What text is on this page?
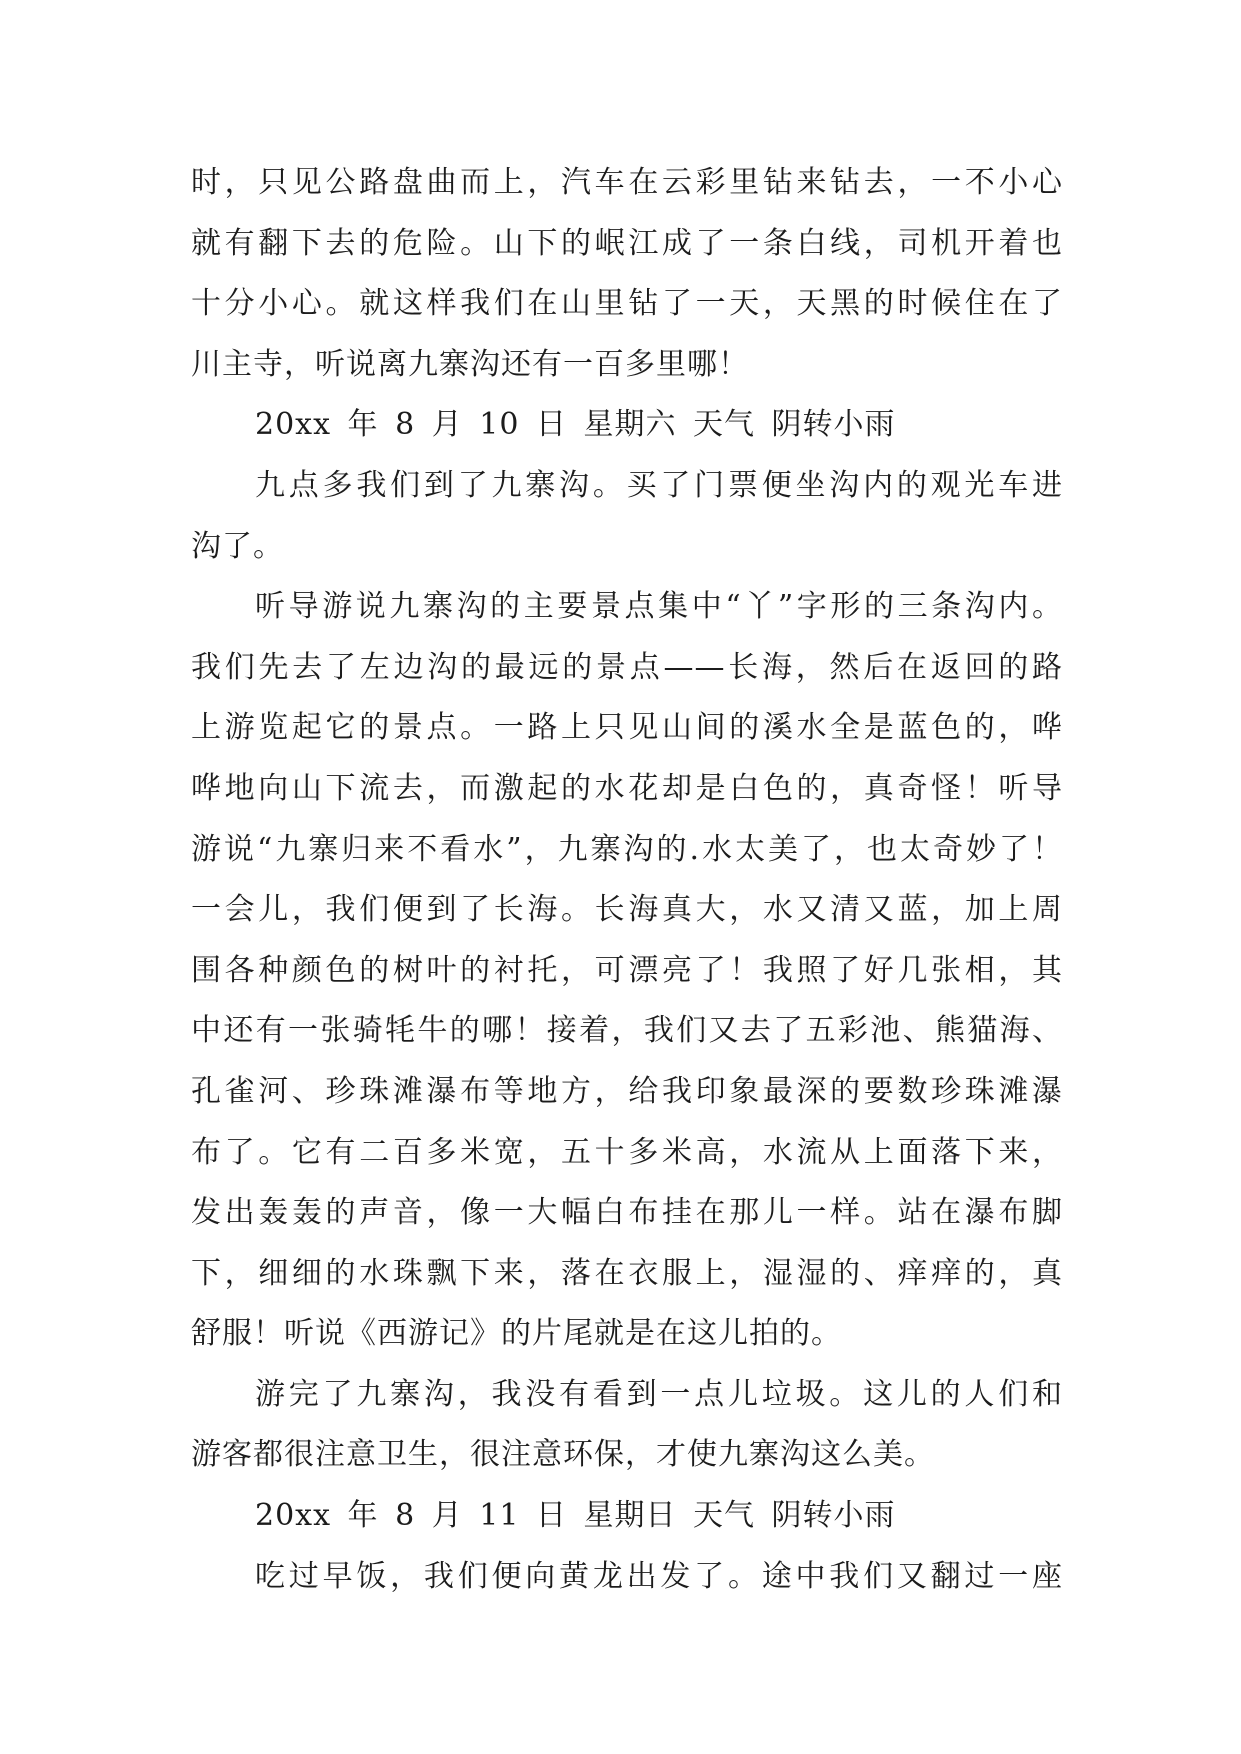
时，只见公路盘曲而上，汽车在云彩里钻来钻去，一不小心
就有翻下去的危险。山下的岷江成了一条白线，司机开着也
十分小心。就这样我们在山里钻了一天，天黑的时候住在了
川主寺，听说离九寨沟还有一百多里哪！
20xx 年 8 月 10 日 星期六 天气 阴转小雨
九点多我们到了九寨沟。买了门票便坐沟内的观光车进
沟了。
听导游说九寨沟的主要景点集中“丫”字形的三条沟内。
我们先去了左边沟的最远的景点——长海，然后在返回的路
上游览起它的景点。一路上只见山间的溪水全是蓝色的，哗
哗地向山下流去，而激起的水花却是白色的，真奇怪！听导
游说“九寨归来不看水”，九寨沟的.水太美了，也太奇妙了！
一会儿，我们便到了长海。长海真大，水又清又蓝，加上周
围各种颜色的树叶的衬托，可漂亮了！我照了好几张相，其
中还有一张骑牦牛的哪！接着，我们又去了五彩池、熊猫海、
孔雀河、珍珠滩瀑布等地方，给我印象最深的要数珍珠滩瀑
布了。它有二百多米宽，五十多米高，水流从上面落下来，
发出轰轰的声音，像一大幅白布挂在那儿一样。站在瀑布脚
下，细细的水珠飘下来，落在衣服上，湿湿的、痒痒的，真
舒服！听说《西游记》的片尾就是在这儿拍的。
游完了九寨沟，我没有看到一点儿垃圾。这儿的人们和
游客都很注意卫生，很注意环保，才使九寨沟这么美。
20xx 年 8 月 11 日 星期日 天气 阴转小雨
吃过早饭，我们便向黄龙出发了。途中我们又翻过一座
